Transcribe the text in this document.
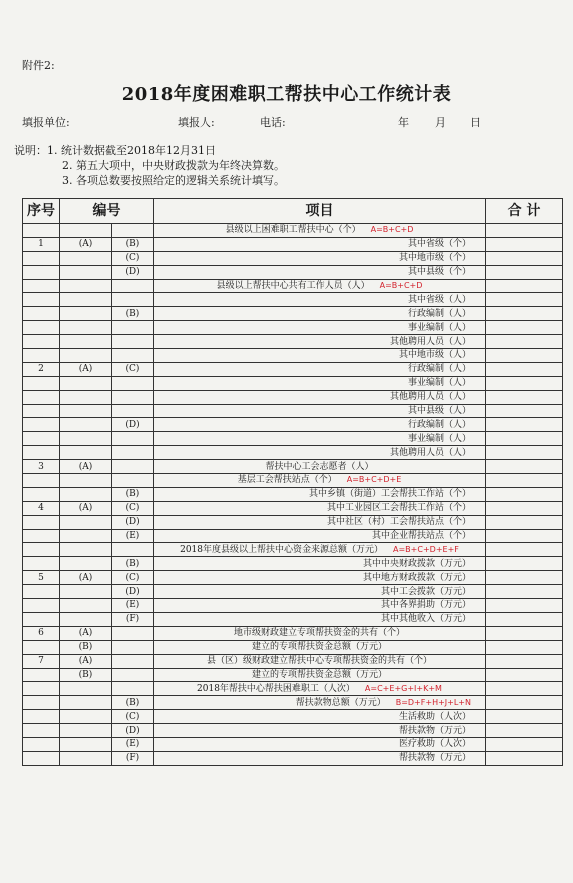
附件2:
2018年度困难职工帮扶中心工作统计表
填报单位:	填报人:	电话:	年 月 日
说明：1. 统计数据截至2018年12月31日
2. 第五大项中，中央财政拨款为年终决算数。
3. 各项总数要按照给定的逻辑关系统计填写。
序号	编号		项目	合 计
			县级以上困难职工帮扶中心（个） A=B+C+D	
1	(A)	(B)	其中省级（个）	
		(C)	其中地市级（个）	
		(D)	其中县级（个）	
			县级以上帮扶中心共有工作人员（人） A=B+C+D	
			其中省级（人）	
		(B)	行政编制（人）	
			事业编制（人）	
			其他聘用人员（人）	
			其中地市级（人）	
2	(A)	(C)	行政编制（人）	
			事业编制（人）	
			其他聘用人员（人）	
			其中县级（人）	
		(D)	行政编制（人）	
			事业编制（人）	
			其他聘用人员（人）	
3	(A)		帮扶中心工会志愿者（人）	
			基层工会帮扶站点（个） A=B+C+D+E	
		(B)	其中乡镇（街道）工会帮扶工作站（个）	
4	(A)	(C)	其中工业园区工会帮扶工作站（个）	
		(D)	其中社区（村）工会帮扶站点（个）	
		(E)	其中企业帮扶站点（个）	
			2018年度县级以上帮扶中心资金来源总额（万元） A=B+C+D+E+F	
		(B)	其中中央财政拨款（万元）	
5	(A)	(C)	其中地方财政拨款（万元）	
		(D)	其中工会拨款（万元）	
		(E)	其中各界捐助（万元）	
		(F)	其中其他收入（万元）	
6	(A)		地市级财政建立专项帮扶资金的共有（个）	
	(B)		建立的专项帮扶资金总额（万元）	
7	(A)		县（区）级财政建立帮扶中心专项帮扶资金的共有（个）	
	(B)		建立的专项帮扶资金总额（万元）	
			2018年帮扶中心帮扶困难职工（人次） A=C+E+G+I+K+M	
		(B)	帮扶款物总额（万元） B=D+F+H+J+L+N	
		(C)	生活救助（人次）	
		(D)	帮扶款物（万元）	
		(E)	医疗救助（人次）	
		(F)	帮扶款物（万元）	
